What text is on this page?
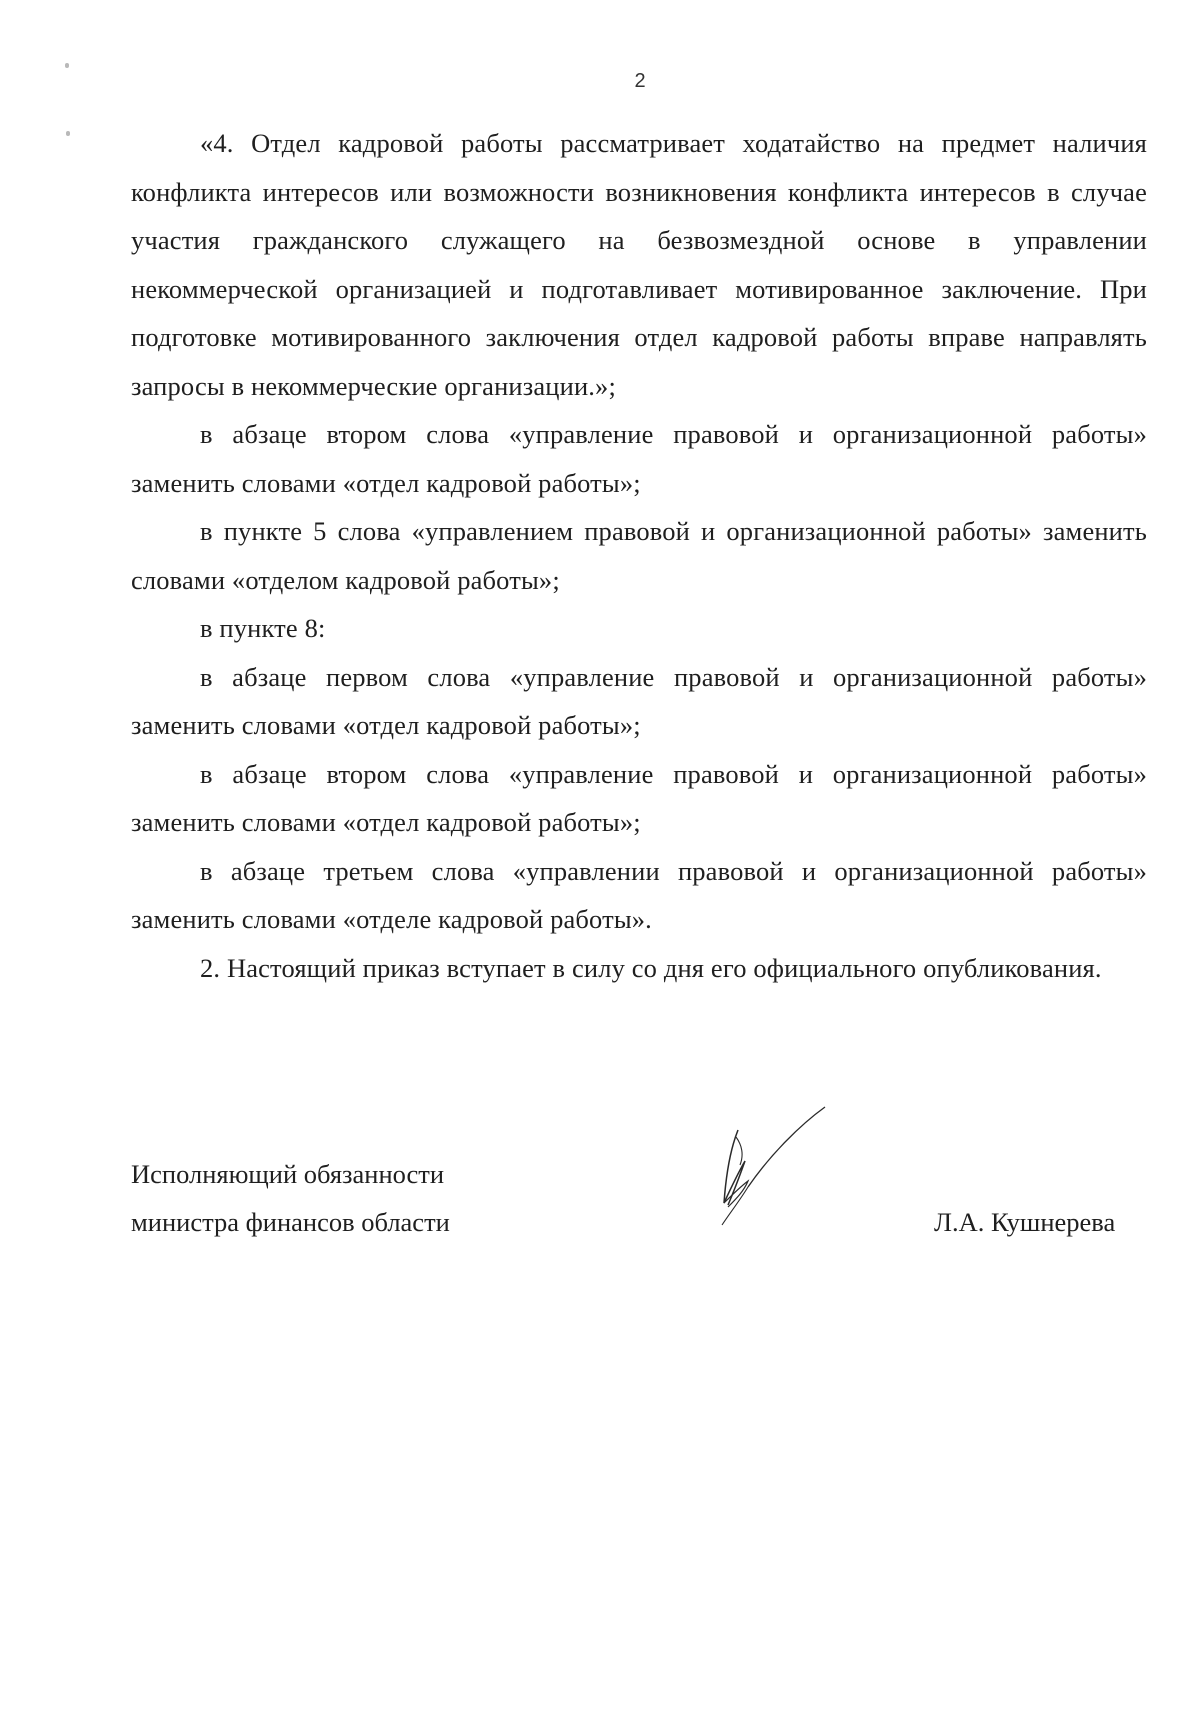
2

«4. Отдел кадровой работы рассматривает ходатайство на предмет наличия конфликта интересов или возможности возникновения конфликта интересов в случае участия гражданского служащего на безвозмездной основе в управлении некоммерческой организацией и подготавливает мотивированное заключение. При подготовке мотивированного заключения отдел кадровой работы вправе направлять запросы в некоммерческие организации.»;

в абзаце втором слова «управление правовой и организационной работы» заменить словами «отдел кадровой работы»;

в пункте 5 слова «управлением правовой и организационной работы» заменить словами «отделом кадровой работы»;

в пункте 8:

в абзаце первом слова «управление правовой и организационной работы» заменить словами «отдел кадровой работы»;

в абзаце втором слова «управление правовой и организационной работы» заменить словами «отдел кадровой работы»;

в абзаце третьем слова «управлении правовой и организационной работы» заменить словами «отделе кадровой работы».

2. Настоящий приказ вступает в силу со дня его официального опубликования.

Исполняющий обязанности
министра финансов области	Л.А. Кушнерева
